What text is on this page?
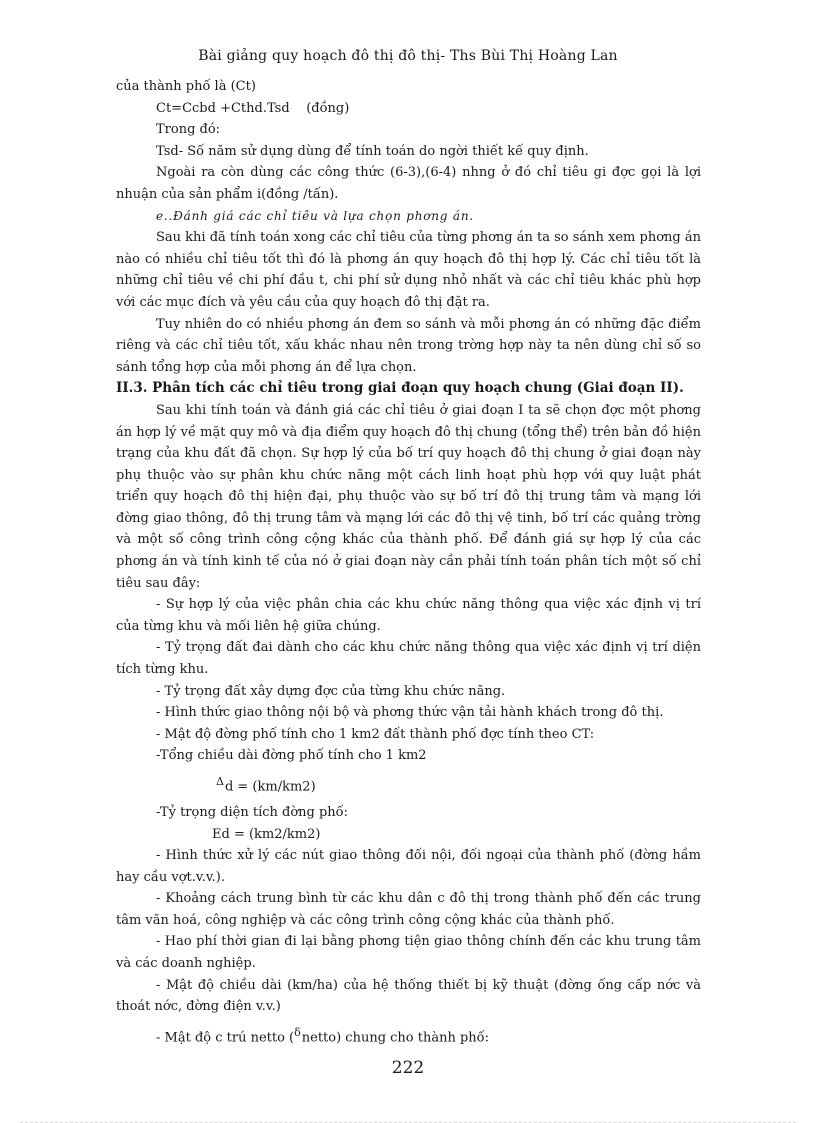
Bài giảng quy hoạch đô thị đô thị- Ths Bùi Thị Hoàng Lan

của thành phố là (Ct)

Ct=Ccbd +Cthd.Tsd    (đồng)

Trong đó:

Tsd- Số năm sử dụng dùng để tính toán do ngời thiết kế quy định.

Ngoài ra còn dùng các công thức (6-3),(6-4) nhng ở đó chỉ tiêu gi đợc gọi là lợi nhuận của sản phẩm i(đồng /tấn).

e..Đánh giá các chỉ tiêu và lựa chọn phơng án.

Sau khi đã tính toán xong các chỉ tiêu của từng phơng án ta so sánh xem phơng án nào có nhiều chỉ tiêu tốt thì đó là phơng án quy hoạch đô thị hợp lý. Các chỉ tiêu tốt là những chỉ tiêu về chi phí đầu t, chi phí sử dụng nhỏ nhất và các chỉ tiêu khác phù hợp với các mục đích và yêu cầu của quy hoạch đô thị đặt ra.

Tuy nhiên do có nhiều phơng án đem so sánh và mỗi phơng án có những đặc điểm riêng và các chỉ tiêu tốt, xấu khác nhau nên trong trờng hợp này ta nên dùng chỉ số so sánh tổng hợp của mỗi phơng án để lựa chọn.

II.3. Phân tích các chỉ tiêu trong giai đoạn quy hoạch chung (Giai đoạn II).

Sau khi tính toán và đánh giá các chỉ tiêu ở giai đoạn I ta sẽ chọn đợc một phơng án hợp lý về mặt quy mô và địa điểm quy hoạch đô thị chung (tổng thể) trên bản đồ hiện trạng của khu đất đã chọn. Sự hợp lý của bố trí quy hoạch đô thị chung ở giai đoạn này phụ thuộc vào sự phân khu chức năng một cách linh hoạt phù hợp với quy luật phát triển quy hoạch đô thị hiện đại, phụ thuộc vào sự bố trí đô thị trung tâm và mạng lới đờng giao thông, đô thị trung tâm và mạng lới các đô thị vệ tinh, bố trí các quảng trờng và một số công trình công cộng khác của thành phố. Để đánh giá sự hợp lý của các phơng án và tính kinh tế của nó ở giai đoạn này cần phải tính toán phân tích một số chỉ tiêu sau đây:

- Sự hợp lý của việc phân chia các khu chức năng thông qua việc xác định vị trí của từng khu và mối liên hệ giữa chúng.

- Tỷ trọng đất đai dành cho các khu chức năng thông qua việc xác định vị trí diện tích từng khu.

- Tỷ trọng đất xây dựng đợc của từng khu chức năng.

- Hình thức giao thông nội bộ và phơng thức vận tải hành khách trong đô thị.

- Mật độ đờng phố tính cho 1 km2 đất thành phố đợc tính theo CT:

-Tổng chiều dài đờng phố tính cho 1 km2

$^\Delta$d = (km/km2)

-Tỷ trọng diện tích đờng phố:

Ed = (km2/km2)

- Hình thức xử lý các nút giao thông đối nội, đối ngoại của thành phố (đờng hầm hay cầu vợt.v.v.).

- Khoảng cách trung bình từ các khu dân c đô thị trong thành phố đến các trung tâm văn hoá, công nghiệp và các công trình công cộng khác của thành phố.

- Hao phí thời gian đi lại bằng phơng tiện giao thông chính đến các khu trung tâm và các doanh nghiệp.

- Mật độ chiều dài (km/ha) của hệ thống thiết bị kỹ thuật (đờng ống cấp nớc và thoát nớc, đờng điện v.v.)

- Mật độ c trú netto ($^\delta$netto) chung cho thành phố:

222
